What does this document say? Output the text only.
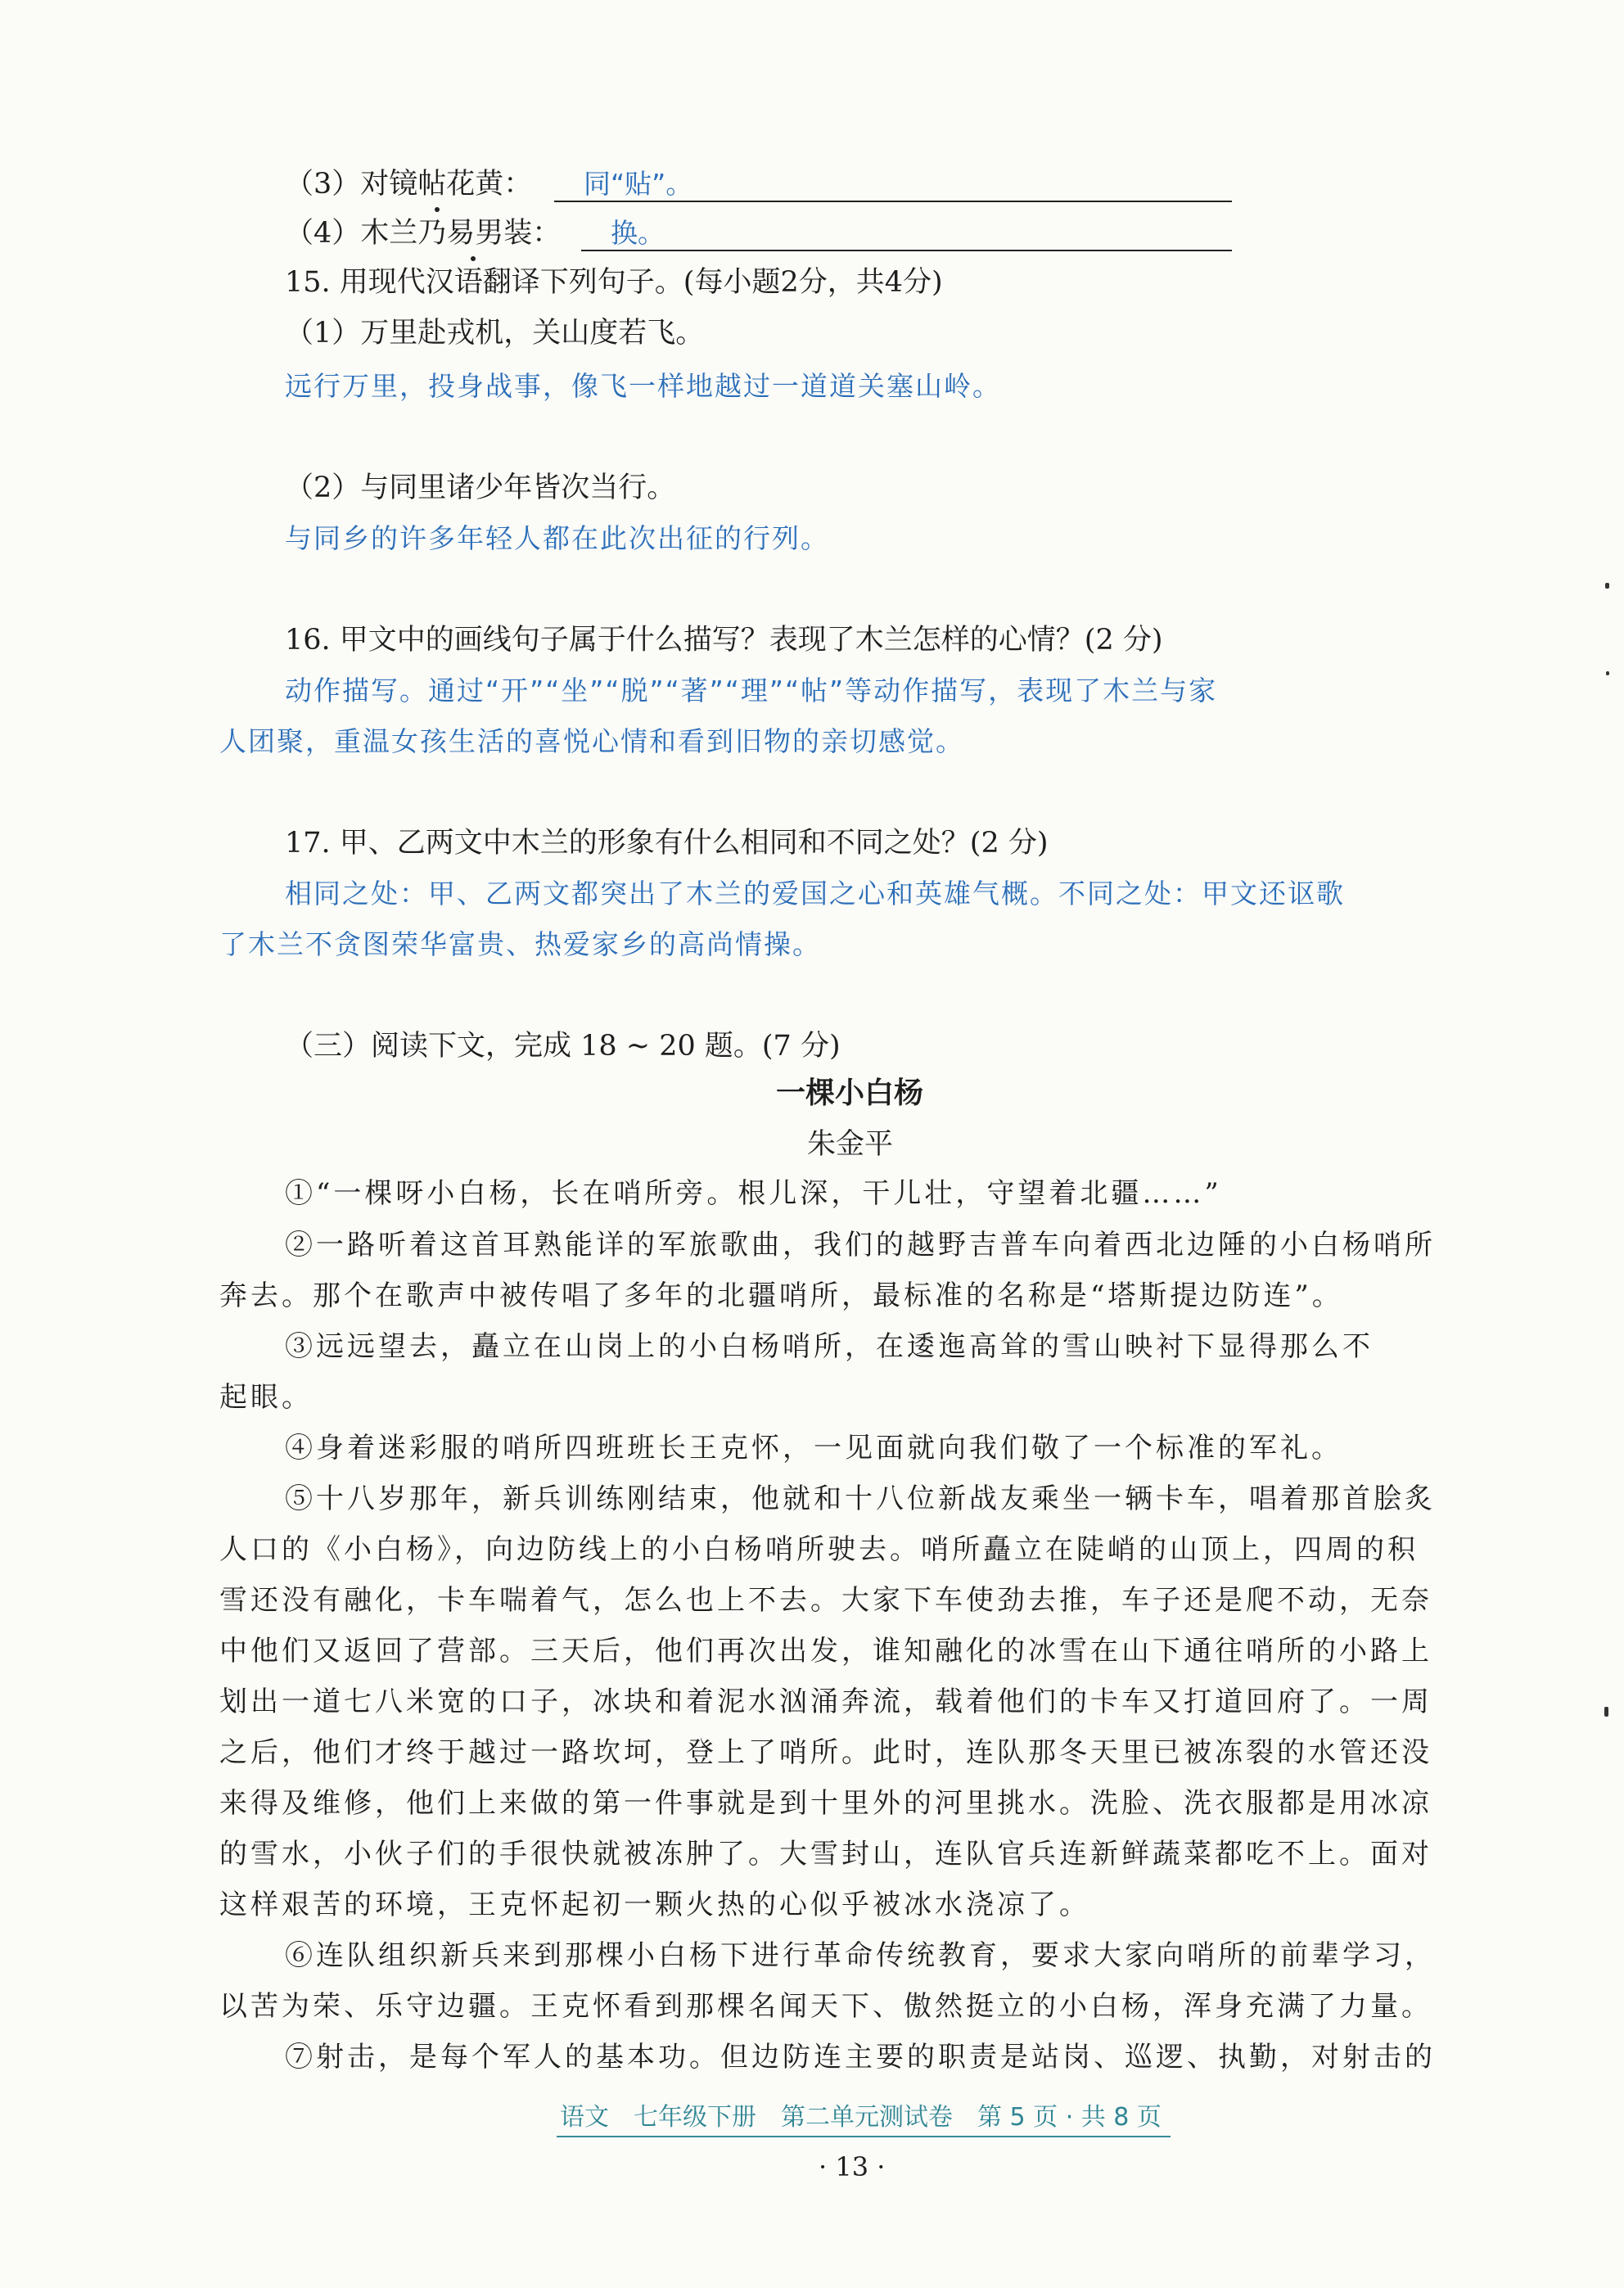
（3）对镜帖花黄：	同“贴”。
（4）木兰乃易男装：	换。
15. 用现代汉语翻译下列句子。(每小题2分，共4分)
（1）万里赴戎机，关山度若飞。
远行万里，投身战事，像飞一样地越过一道道关塞山岭。
（2）与同里诸少年皆次当行。
与同乡的许多年轻人都在此次出征的行列。
16. 甲文中的画线句子属于什么描写？表现了木兰怎样的心情？(2 分)
动作描写。通过“开”“坐”“脱”“著”“理”“帖”等动作描写，表现了木兰与家
人团聚，重温女孩生活的喜悦心情和看到旧物的亲切感觉。
17. 甲、乙两文中木兰的形象有什么相同和不同之处？(2 分)
相同之处：甲、乙两文都突出了木兰的爱国之心和英雄气概。不同之处：甲文还讴歌
了木兰不贪图荣华富贵、热爱家乡的高尚情操。
（三）阅读下文，完成 18 ~ 20 题。(7 分)
一棵小白杨
朱金平
①“一棵呀小白杨，长在哨所旁。根儿深，干儿壮，守望着北疆……”
②一路听着这首耳熟能详的军旅歌曲，我们的越野吉普车向着西北边陲的小白杨哨所
奔去。那个在歌声中被传唱了多年的北疆哨所，最标准的名称是“塔斯提边防连”。
③远远望去，矗立在山岗上的小白杨哨所，在逶迤高耸的雪山映衬下显得那么不
起眼。
④身着迷彩服的哨所四班班长王克怀，一见面就向我们敬了一个标准的军礼。
⑤十八岁那年，新兵训练刚结束，他就和十八位新战友乘坐一辆卡车，唱着那首脍炙
人口的《小白杨》，向边防线上的小白杨哨所驶去。哨所矗立在陡峭的山顶上，四周的积
雪还没有融化，卡车喘着气，怎么也上不去。大家下车使劲去推，车子还是爬不动，无奈
中他们又返回了营部。三天后，他们再次出发，谁知融化的冰雪在山下通往哨所的小路上
划出一道七八米宽的口子，冰块和着泥水汹涌奔流，载着他们的卡车又打道回府了。一周
之后，他们才终于越过一路坎坷，登上了哨所。此时，连队那冬天里已被冻裂的水管还没
来得及维修，他们上来做的第一件事就是到十里外的河里挑水。洗脸、洗衣服都是用冰凉
的雪水，小伙子们的手很快就被冻肿了。大雪封山，连队官兵连新鲜蔬菜都吃不上。面对
这样艰苦的环境，王克怀起初一颗火热的心似乎被冰水浇凉了。
⑥连队组织新兵来到那棵小白杨下进行革命传统教育，要求大家向哨所的前辈学习，
以苦为荣、乐守边疆。王克怀看到那棵名闻天下、傲然挺立的小白杨，浑身充满了力量。
⑦射击，是每个军人的基本功。但边防连主要的职责是站岗、巡逻、执勤，对射击的
语文　七年级下册　第二单元测试卷　第 5 页 · 共 8 页
· 13 ·
